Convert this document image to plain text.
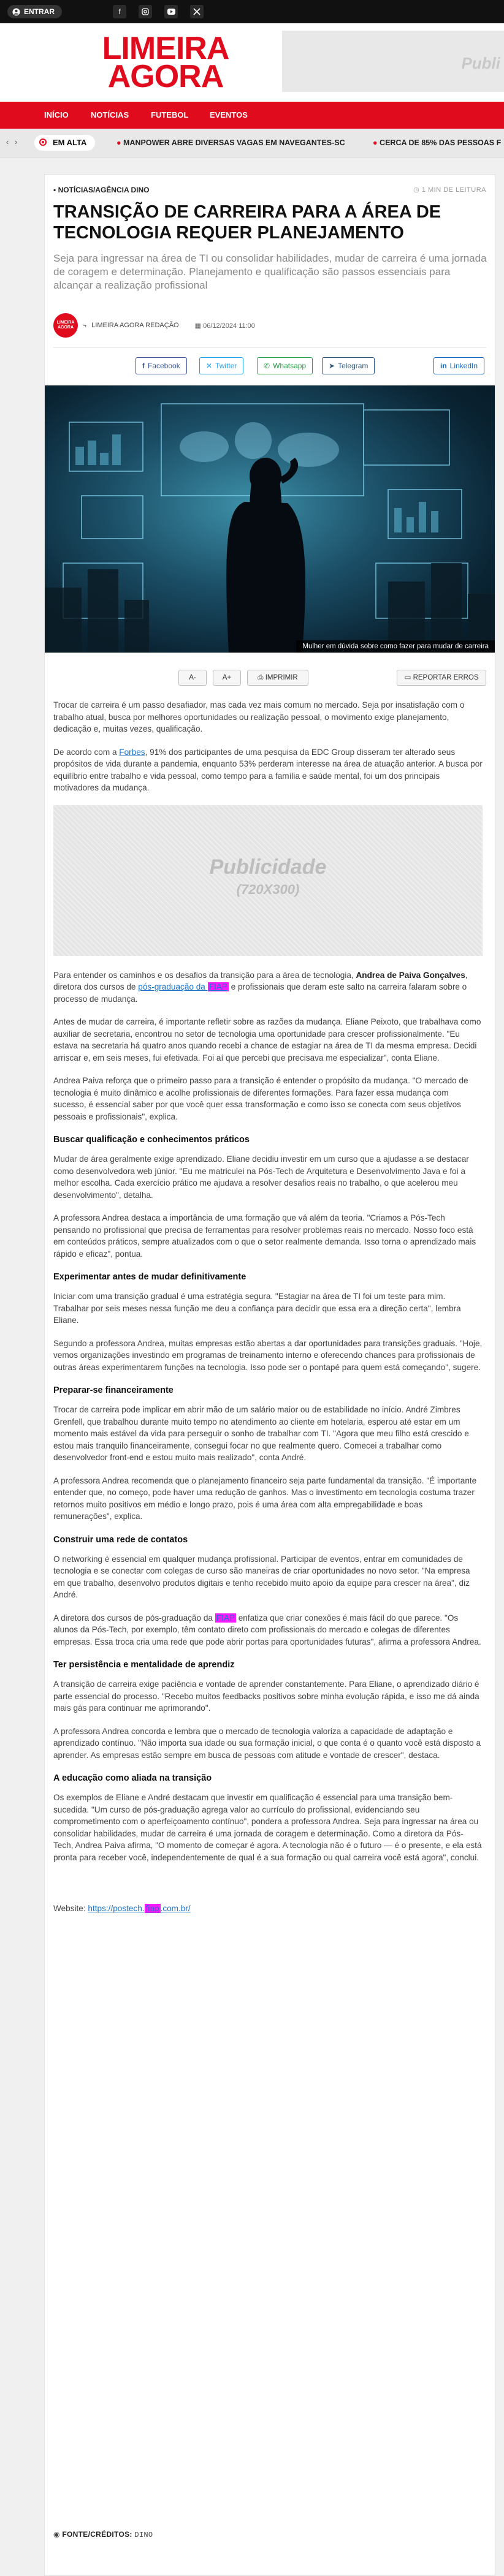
ENTRAR	f
LIMEIRA
AGORA	Publi
INÍCIO	NOTÍCIAS	FUTEBOL	EVENTOS
‹ ›	EM ALTA	● MANPOWER ABRE DIVERSAS VAGAS EM NAVEGANTES-SC	● CERCA DE 85% DAS PESSOAS F
▪ NOTÍCIAS/AGÊNCIA DINO	◷ 1 MIN DE LEITURA
TRANSIÇÃO DE CARREIRA PARA A ÁREA DE TECNOLOGIA REQUER PLANEJAMENTO

Seja para ingressar na área de TI ou consolidar habilidades, mudar de carreira é uma jornada de coragem e determinação. Planejamento e qualificação são passos essenciais para alcançar a realização profissional

LIMEIRA AGORA	⤷ LIMEIRA AGORA REDAÇÃO ▦ 06/12/2024 11:00
f Facebook	✕ Twitter	✆ Whatsapp	➤ Telegram	in LinkedIn
Mulher em dúvida sobre como fazer para mudar de carreira
A-	A+	⎙ IMPRIMIR	▭ REPORTAR ERROS

Trocar de carreira é um passo desafiador, mas cada vez mais comum no mercado. Seja por insatisfação com o trabalho atual, busca por melhores oportunidades ou realização pessoal, o movimento exige planejamento, dedicação e, muitas vezes, qualificação.

De acordo com a Forbes, 91% dos participantes de uma pesquisa da EDC Group disseram ter alterado seus propósitos de vida durante a pandemia, enquanto 53% perderam interesse na área de atuação anterior. A busca por equilíbrio entre trabalho e vida pessoal, como tempo para a família e saúde mental, foi um dos principais motivadores da mudança.

Publicidade
(720X300)

Para entender os caminhos e os desafios da transição para a área de tecnologia, Andrea de Paiva Gonçalves, diretora dos cursos de pós-graduação da FIAP e profissionais que deram este salto na carreira falaram sobre o processo de mudança.

Antes de mudar de carreira, é importante refletir sobre as razões da mudança. Eliane Peixoto, que trabalhava como auxiliar de secretaria, encontrou no setor de tecnologia uma oportunidade para crescer profissionalmente. "Eu estava na secretaria há quatro anos quando recebi a chance de estagiar na área de TI da mesma empresa. Decidi arriscar e, em seis meses, fui efetivada. Foi aí que percebi que precisava me especializar", conta Eliane.

Andrea Paiva reforça que o primeiro passo para a transição é entender o propósito da mudança. "O mercado de tecnologia é muito dinâmico e acolhe profissionais de diferentes formações. Para fazer essa mudança com sucesso, é essencial saber por que você quer essa transformação e como isso se conecta com seus objetivos pessoais e profissionais", explica.

Buscar qualificação e conhecimentos práticos

Mudar de área geralmente exige aprendizado. Eliane decidiu investir em um curso que a ajudasse a se destacar como desenvolvedora web júnior. "Eu me matriculei na Pós-Tech de Arquitetura e Desenvolvimento Java e foi a melhor escolha. Cada exercício prático me ajudava a resolver desafios reais no trabalho, o que acelerou meu desenvolvimento", detalha.

A professora Andrea destaca a importância de uma formação que vá além da teoria. "Criamos a Pós-Tech pensando no profissional que precisa de ferramentas para resolver problemas reais no mercado. Nosso foco está em conteúdos práticos, sempre atualizados com o que o setor realmente demanda. Isso torna o aprendizado mais rápido e eficaz", pontua.

Experimentar antes de mudar definitivamente

Iniciar com uma transição gradual é uma estratégia segura. "Estagiar na área de TI foi um teste para mim. Trabalhar por seis meses nessa função me deu a confiança para decidir que essa era a direção certa", lembra Eliane.

Segundo a professora Andrea, muitas empresas estão abertas a dar oportunidades para transições graduais. "Hoje, vemos organizações investindo em programas de treinamento interno e oferecendo chances para profissionais de outras áreas experimentarem funções na tecnologia. Isso pode ser o pontapé para quem está começando", sugere.

Preparar-se financeiramente

Trocar de carreira pode implicar em abrir mão de um salário maior ou de estabilidade no início. André Zimbres Grenfell, que trabalhou durante muito tempo no atendimento ao cliente em hotelaria, esperou até estar em um momento mais estável da vida para perseguir o sonho de trabalhar com TI. "Agora que meu filho está crescido e estou mais tranquilo financeiramente, consegui focar no que realmente quero. Comecei a trabalhar como desenvolvedor front-end e estou muito mais realizado", conta André.

A professora Andrea recomenda que o planejamento financeiro seja parte fundamental da transição. "É importante entender que, no começo, pode haver uma redução de ganhos. Mas o investimento em tecnologia costuma trazer retornos muito positivos em médio e longo prazo, pois é uma área com alta empregabilidade e boas remunerações", explica.

Construir uma rede de contatos

O networking é essencial em qualquer mudança profissional. Participar de eventos, entrar em comunidades de tecnologia e se conectar com colegas de curso são maneiras de criar oportunidades no novo setor. "Na empresa em que trabalho, desenvolvo produtos digitais e tenho recebido muito apoio da equipe para crescer na área", diz André.

A diretora dos cursos de pós-graduação da FIAP enfatiza que criar conexões é mais fácil do que parece. "Os alunos da Pós-Tech, por exemplo, têm contato direto com profissionais do mercado e colegas de diferentes empresas. Essa troca cria uma rede que pode abrir portas para oportunidades futuras", afirma a professora Andrea.

Ter persistência e mentalidade de aprendiz

A transição de carreira exige paciência e vontade de aprender constantemente. Para Eliane, o aprendizado diário é parte essencial do processo. "Recebo muitos feedbacks positivos sobre minha evolução rápida, e isso me dá ainda mais gás para continuar me aprimorando".

A professora Andrea concorda e lembra que o mercado de tecnologia valoriza a capacidade de adaptação e aprendizado contínuo. "Não importa sua idade ou sua formação inicial, o que conta é o quanto você está disposto a aprender. As empresas estão sempre em busca de pessoas com atitude e vontade de crescer", destaca.

A educação como aliada na transição

Os exemplos de Eliane e André destacam que investir em qualificação é essencial para uma transição bem-sucedida. "Um curso de pós-graduação agrega valor ao currículo do profissional, evidenciando seu comprometimento com o aperfeiçoamento contínuo", pondera a professora Andrea. Seja para ingressar na área ou consolidar habilidades, mudar de carreira é uma jornada de coragem e determinação. Como a diretora da Pós-Tech, Andrea Paiva afirma, "O momento de começar é agora. A tecnologia não é o futuro — é o presente, e ela está pronta para receber você, independentemente de qual é a sua formação ou qual carreira você está agora", conclui.

Website: https://postech. fiap .com.br/

◉ FONTE/CRÉDITOS: DINO
